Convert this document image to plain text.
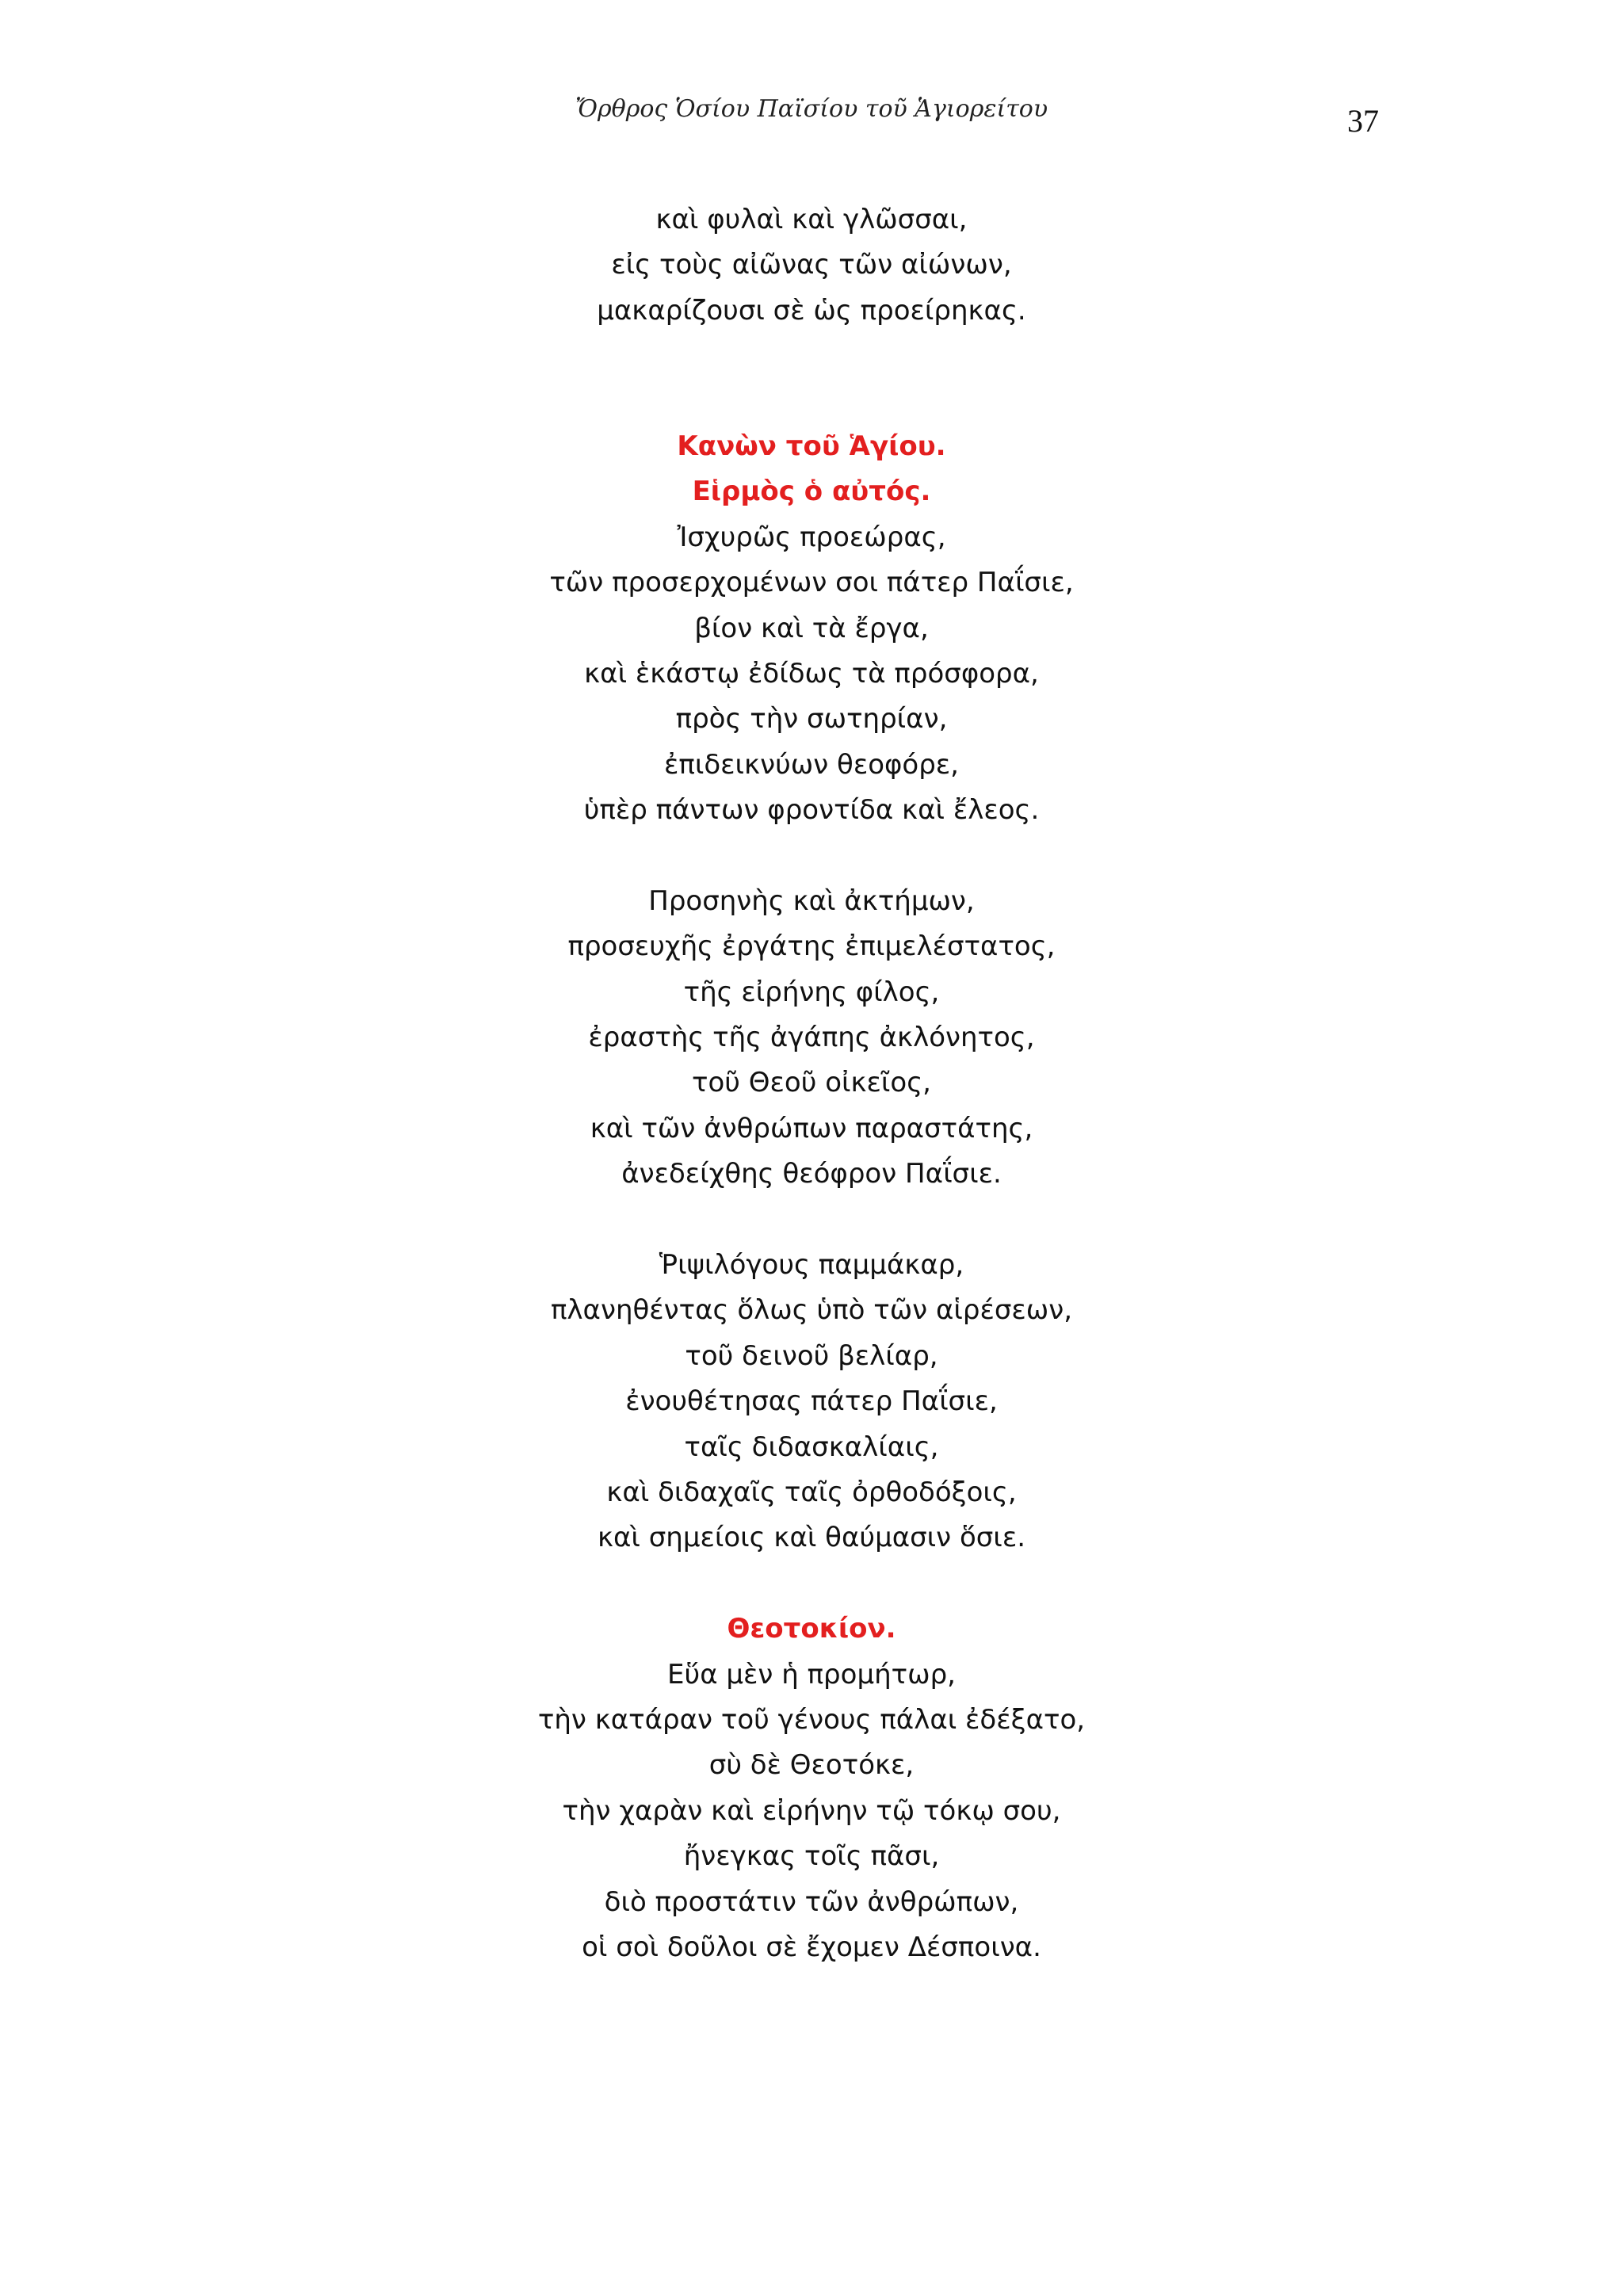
Ὄρθρος Ὁσίου Παϊσίου τοῦ Ἁγιορείτου	37
καὶ φυλαὶ καὶ γλῶσσαι,
εἰς τοὺς αἰῶνας τῶν αἰώνων,
μακαρίζουσι σὲ ὡς προείρηκας.
Κανὼν τοῦ Ἁγίου.
Εἱρμὸς ὁ αὐτός.
Ἰσχυρῶς προεώρας,
τῶν προσερχομένων σοι πάτερ Παΐσιε,
βίον καὶ τὰ ἔργα,
καὶ ἑκάστῳ ἐδίδως τὰ πρόσφορα,
πρὸς τὴν σωτηρίαν,
ἐπιδεικνύων θεοφόρε,
ὑπὲρ πάντων φροντίδα καὶ ἔλεος.
Προσηνὴς καὶ ἀκτήμων,
προσευχῆς ἐργάτης ἐπιμελέστατος,
τῆς εἰρήνης φίλος,
ἐραστὴς τῆς ἀγάπης ἀκλόνητος,
τοῦ Θεοῦ οἰκεῖος,
καὶ τῶν ἀνθρώπων παραστάτης,
ἀνεδείχθης θεόφρον Παΐσιε.
Ῥιψιλόγους παμμάκαρ,
πλανηθέντας ὅλως ὑπὸ τῶν αἱρέσεων,
τοῦ δεινοῦ βελίαρ,
ἐνουθέτησας πάτερ Παΐσιε,
ταῖς διδασκαλίαις,
καὶ διδαχαῖς ταῖς ὀρθοδόξοις,
καὶ σημείοις καὶ θαύμασιν ὅσιε.
Θεοτοκίον.
Εὕα μὲν ἡ προμήτωρ,
τὴν κατάραν τοῦ γένους πάλαι ἐδέξατο,
σὺ δὲ Θεοτόκε,
τὴν χαρὰν καὶ εἰρήνην τῷ τόκῳ σου,
ἤνεγκας τοῖς πᾶσι,
διὸ προστάτιν τῶν ἀνθρώπων,
οἱ σοὶ δοῦλοι σὲ ἔχομεν Δέσποινα.
